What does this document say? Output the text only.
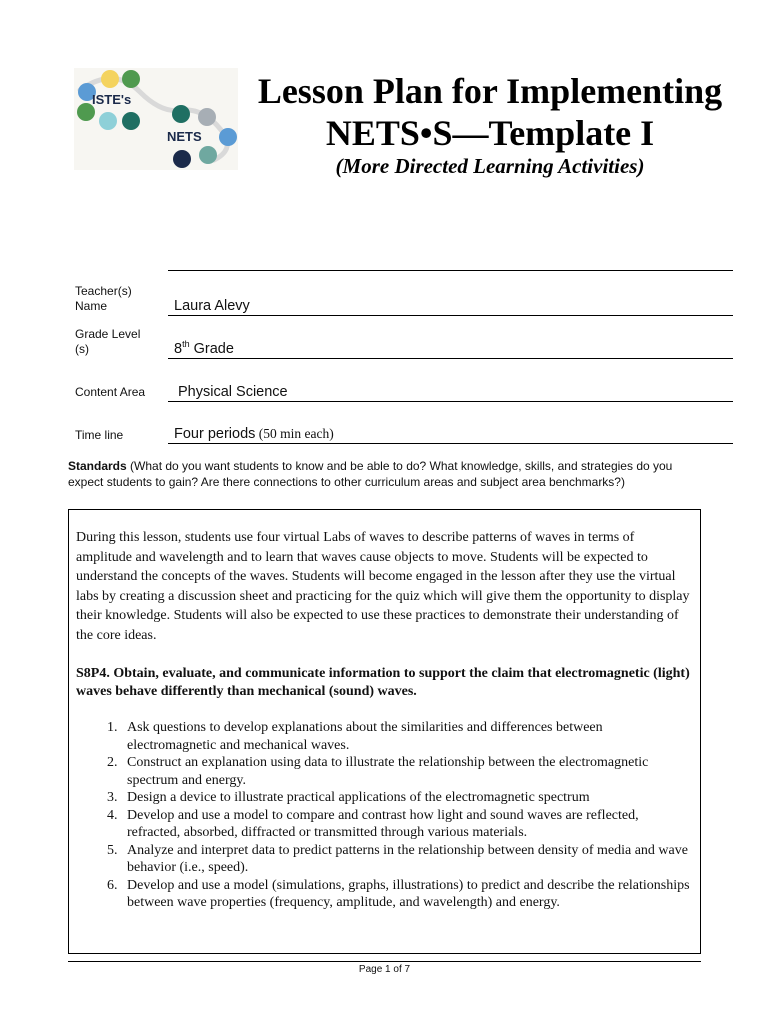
ISTE's
NETS
Lesson Plan for Implementing
NETS•S—Template I
(More Directed Learning Activities)
Teacher(s) Name	Laura Alevy
Grade Level (s)	8th Grade
Content Area Physical Science
Time line	Four periods (50 min each)
Standards (What do you want students to know and be able to do? What knowledge, skills, and strategies do you expect students to gain? Are there connections to other curriculum areas and subject area benchmarks?)

During this lesson, students use four virtual Labs of waves to describe patterns of waves in terms of amplitude and wavelength and to learn that waves cause objects to move. Students will be expected to understand the concepts of the waves. Students will become engaged in the lesson after they use the virtual labs by creating a discussion sheet and practicing for the quiz which will give them the opportunity to display their knowledge. Students will also be expected to use these practices to demonstrate their understanding of the core ideas.

S8P4. Obtain, evaluate, and communicate information to support the claim that electromagnetic (light) waves behave differently than mechanical (sound) waves.

1. Ask questions to develop explanations about the similarities and differences between electromagnetic and mechanical waves.
2. Construct an explanation using data to illustrate the relationship between the electromagnetic spectrum and energy.
3. Design a device to illustrate practical applications of the electromagnetic spectrum
4. Develop and use a model to compare and contrast how light and sound waves are reflected, refracted, absorbed, diffracted or transmitted through various materials.
5. Analyze and interpret data to predict patterns in the relationship between density of media and wave behavior (i.e., speed).
6. Develop and use a model (simulations, graphs, illustrations) to predict and describe the relationships between wave properties (frequency, amplitude, and wavelength) and energy.
Page 1 of 7
